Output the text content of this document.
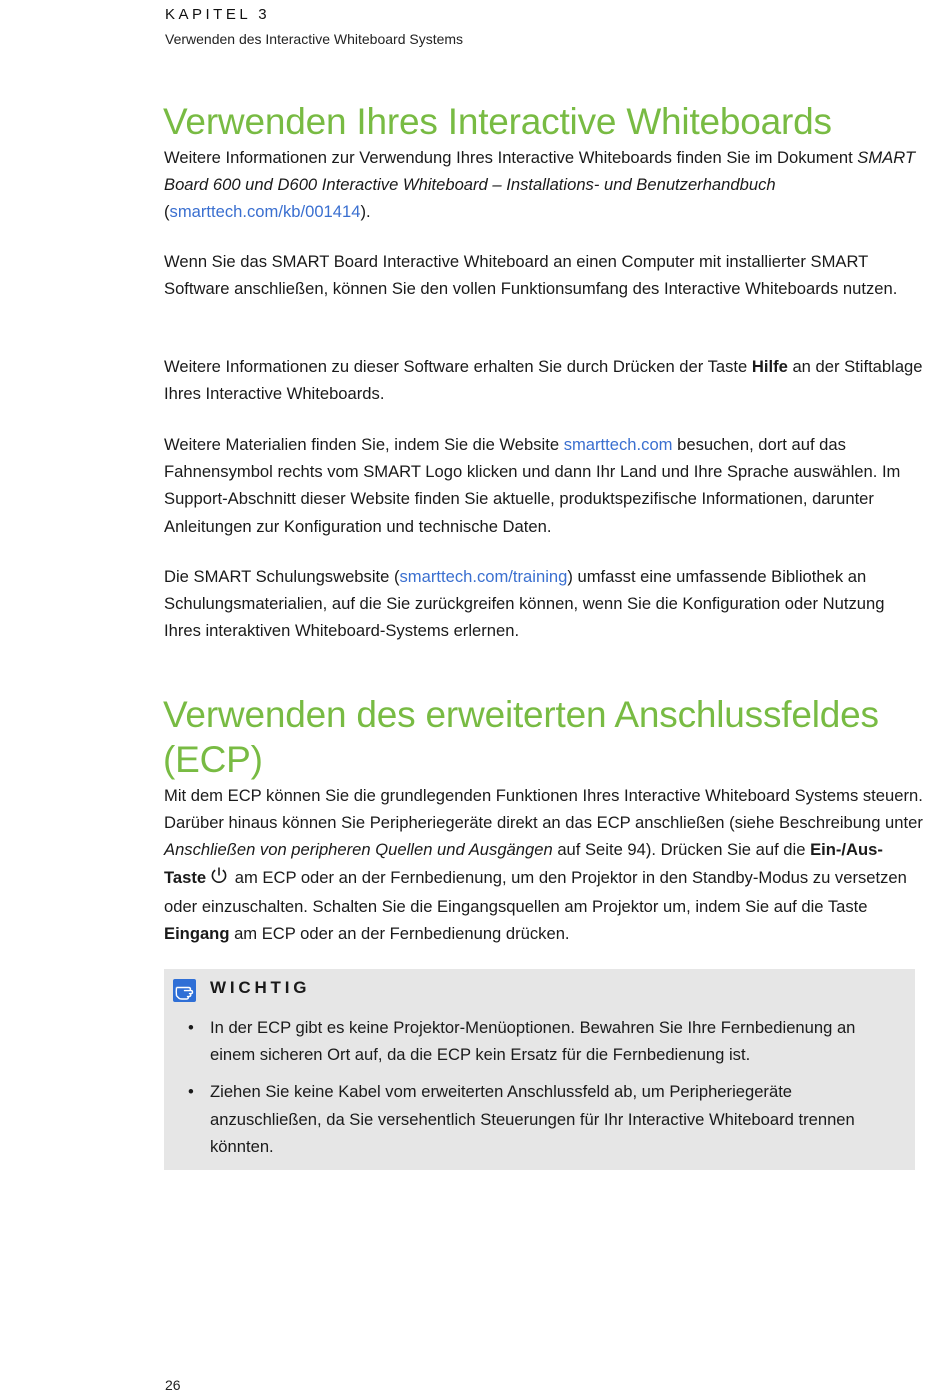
KAPITEL 3
Verwenden des Interactive Whiteboard Systems
Verwenden Ihres Interactive Whiteboards

Weitere Informationen zur Verwendung Ihres Interactive Whiteboards finden Sie im Dokument SMART Board 600 und D600 Interactive Whiteboard – Installations- und Benutzerhandbuch (smarttech.com/kb/001414).

Wenn Sie das SMART Board Interactive Whiteboard an einen Computer mit installierter SMART Software anschließen, können Sie den vollen Funktionsumfang des Interactive Whiteboards nutzen.

Weitere Informationen zu dieser Software erhalten Sie durch Drücken der Taste Hilfe an der Stiftablage Ihres Interactive Whiteboards.

Weitere Materialien finden Sie, indem Sie die Website smarttech.com besuchen, dort auf das Fahnensymbol rechts vom SMART Logo klicken und dann Ihr Land und Ihre Sprache auswählen. Im Support-Abschnitt dieser Website finden Sie aktuelle, produktspezifische Informationen, darunter Anleitungen zur Konfiguration und technische Daten.

Die SMART Schulungswebsite (smarttech.com/training) umfasst eine umfassende Bibliothek an Schulungsmaterialien, auf die Sie zurückgreifen können, wenn Sie die Konfiguration oder Nutzung Ihres interaktiven Whiteboard-Systems erlernen.

Verwenden des erweiterten Anschlussfeldes
(ECP)

Mit dem ECP können Sie die grundlegenden Funktionen Ihres Interactive Whiteboard Systems steuern. Darüber hinaus können Sie Peripheriegeräte direkt an das ECP anschließen (siehe Beschreibung unter Anschließen von peripheren Quellen und Ausgängen auf Seite 94). Drücken Sie auf die Ein-/Aus-Taste am ECP oder an der Fernbedienung, um den Projektor in den Standby-Modus zu versetzen oder einzuschalten. Schalten Sie die Eingangsquellen am Projektor um, indem Sie auf die Taste Eingang am ECP oder an der Fernbedienung drücken.

WICHTIG
• In der ECP gibt es keine Projektor-Menüoptionen. Bewahren Sie Ihre Fernbedienung an einem sicheren Ort auf, da die ECP kein Ersatz für die Fernbedienung ist.
• Ziehen Sie keine Kabel vom erweiterten Anschlussfeld ab, um Peripheriegeräte anzuschließen, da Sie versehentlich Steuerungen für Ihr Interactive Whiteboard trennen könnten.
26
